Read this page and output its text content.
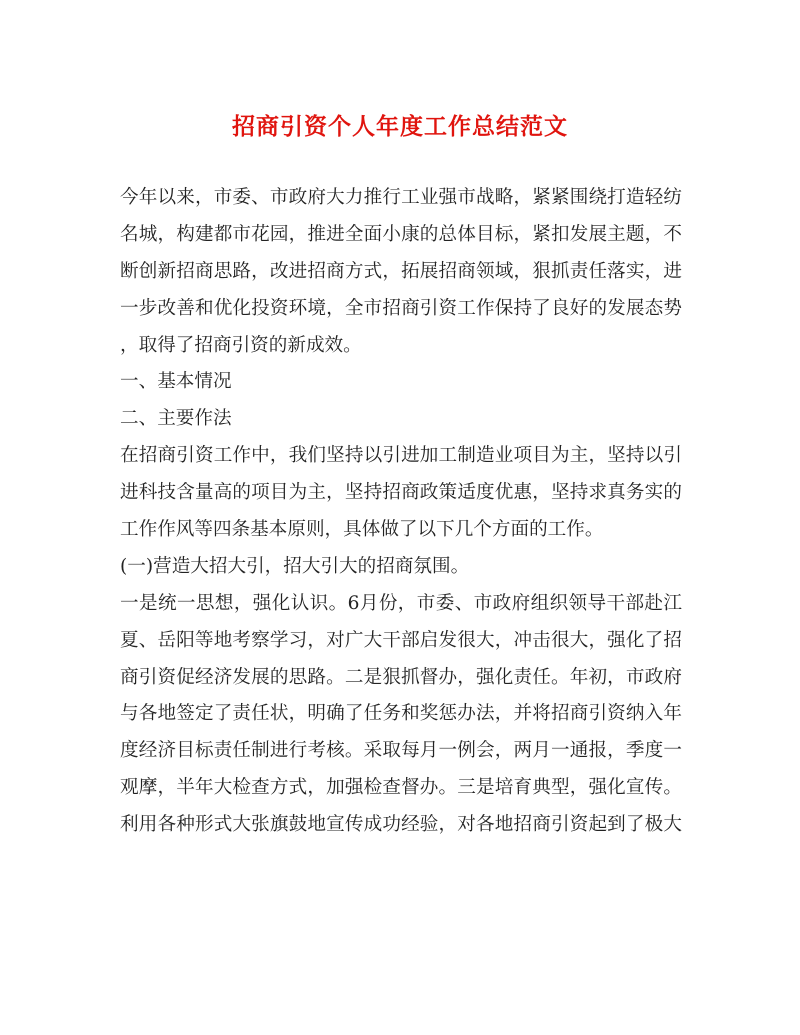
招商引资个人年度工作总结范文
今年以来，市委、市政府大力推行工业强市战略，紧紧围绕打造轻纺
名城，构建都市花园，推进全面小康的总体目标，紧扣发展主题，不
断创新招商思路，改进招商方式，拓展招商领域，狠抓责任落实，进
一步改善和优化投资环境，全市招商引资工作保持了良好的发展态势
，取得了招商引资的新成效。
一、基本情况
二、主要作法
在招商引资工作中，我们坚持以引进加工制造业项目为主，坚持以引
进科技含量高的项目为主，坚持招商政策适度优惠，坚持求真务实的
工作作风等四条基本原则，具体做了以下几个方面的工作。
(一)营造大招大引，招大引大的招商氛围。
一是统一思想，强化认识。6月份，市委、市政府组织领导干部赴江
夏、岳阳等地考察学习，对广大干部启发很大，冲击很大，强化了招
商引资促经济发展的思路。二是狠抓督办，强化责任。年初，市政府
与各地签定了责任状，明确了任务和奖惩办法，并将招商引资纳入年
度经济目标责任制进行考核。采取每月一例会，两月一通报，季度一
观摩，半年大检查方式，加强检查督办。三是培育典型，强化宣传。
利用各种形式大张旗鼓地宣传成功经验，对各地招商引资起到了极大
